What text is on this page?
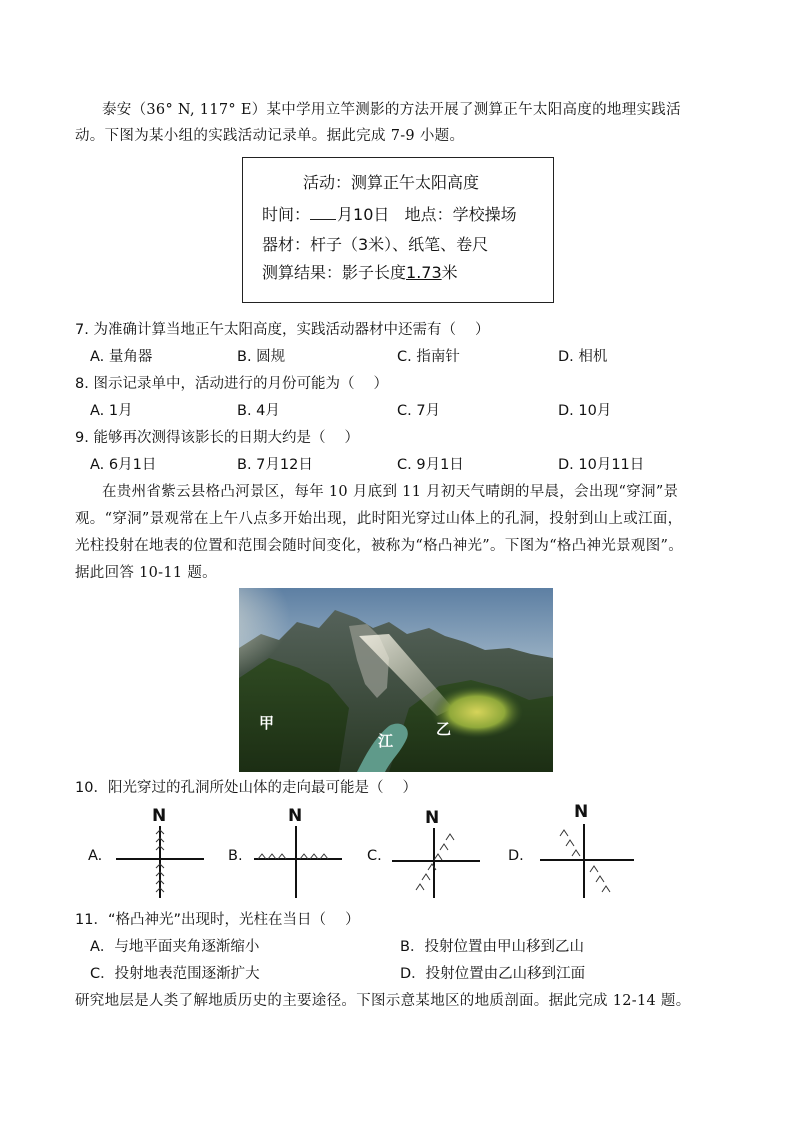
泰安（36° N, 117° E）某中学用立竿测影的方法开展了测算正午太阳高度的地理实践活
动。下图为某小组的实践活动记录单。据此完成 7-9 小题。
活动：测算正午太阳高度
时间： 月10日 地点：学校操场
器材：杆子（3米）、纸笔、卷尺
测算结果：影子长度1.73米
7. 为准确计算当地正午太阳高度，实践活动器材中还需有（　 ）
A. 量角器	B. 圆规	C. 指南针	D. 相机
8. 图示记录单中，活动进行的月份可能为（　 ）
A. 1月	B. 4月	C. 7月	D. 10月
9. 能够再次测得该影长的日期大约是（　 ）
A. 6月1日	B. 7月12日	C. 9月1日	D. 10月11日
在贵州省紫云县格凸河景区，每年 10 月底到 11 月初天气晴朗的早晨，会出现“穿洞”景
观。“穿洞”景观常在上午八点多开始出现，此时阳光穿过山体上的孔洞，投射到山上或江面，
光柱投射在地表的位置和范围会随时间变化，被称为“格凸神光”。下图为“格凸神光景观图”。
据此回答 10-11 题。
甲
江
乙
10．阳光穿过的孔洞所处山体的走向最可能是（　 ）
A.
N
B.
N
C.
N
D.
N
11．“格凸神光”出现时，光柱在当日（　 ）
A．与地平面夹角逐渐缩小	B．投射位置由甲山移到乙山
C．投射地表范围逐渐扩大	D．投射位置由乙山移到江面
研究地层是人类了解地质历史的主要途径。下图示意某地区的地质剖面。据此完成 12-14 题。
